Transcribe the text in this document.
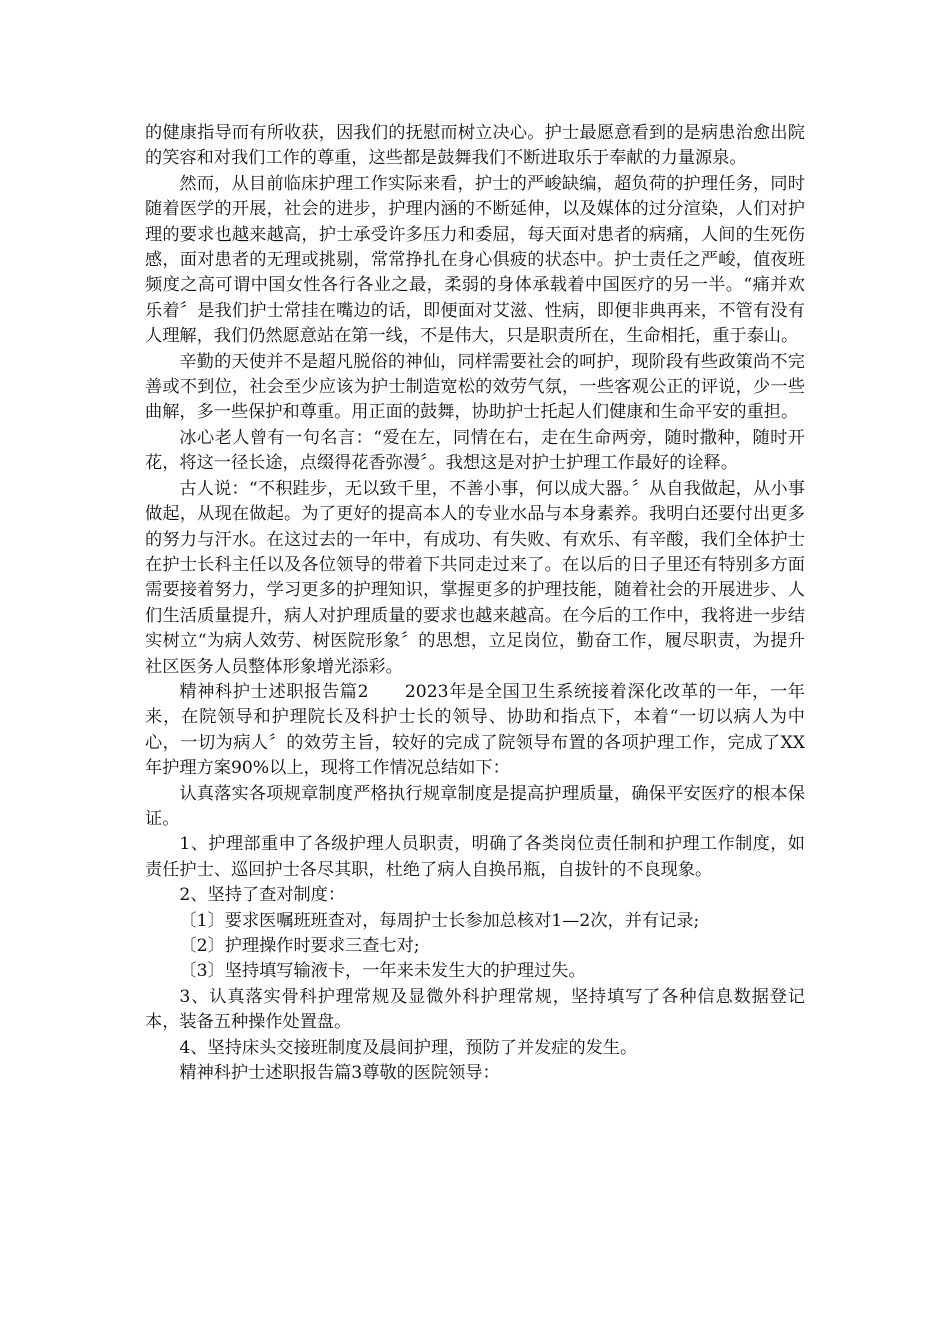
的健康指导而有所收获，因我们的抚慰而树立决心。护士最愿意看到的是病患治愈出院的笑容和对我们工作的尊重，这些都是鼓舞我们不断进取乐于奉献的力量源泉。

然而，从目前临床护理工作实际来看，护士的严峻缺编，超负荷的护理任务，同时随着医学的开展，社会的进步，护理内涵的不断延伸，以及媒体的过分渲染，人们对护理的要求也越来越高，护士承受许多压力和委屈，每天面对患者的病痛，人间的生死伤感，面对患者的无理或挑剔，常常挣扎在身心俱疲的状态中。护士责任之严峻，值夜班频度之高可谓中国女性各行各业之最，柔弱的身体承载着中国医疗的另一半。“痛并欢乐着〞是我们护士常挂在嘴边的话，即便面对艾滋、性病，即便非典再来，不管有没有人理解，我们仍然愿意站在第一线，不是伟大，只是职责所在，生命相托，重于泰山。

辛勤的天使并不是超凡脱俗的神仙，同样需要社会的呵护，现阶段有些政策尚不完善或不到位，社会至少应该为护士制造宽松的效劳气氛，一些客观公正的评说，少一些曲解，多一些保护和尊重。用正面的鼓舞，协助护士托起人们健康和生命平安的重担。

冰心老人曾有一句名言：“爱在左，同情在右，走在生命两旁，随时撒种，随时开花，将这一径长途，点缀得花香弥漫〞。我想这是对护士护理工作最好的诠释。

古人说：“不积跬步，无以致千里，不善小事，何以成大器。〞从自我做起，从小事做起，从现在做起。为了更好的提高本人的专业水品与本身素养。我明白还要付出更多的努力与汗水。在这过去的一年中，有成功、有失败、有欢乐、有辛酸，我们全体护士在护士长科主任以及各位领导的带着下共同走过来了。在以后的日子里还有特别多方面需要接着努力，学习更多的护理知识，掌握更多的护理技能，随着社会的开展进步、人们生活质量提升，病人对护理质量的要求也越来越高。在今后的工作中，我将进一步结实树立“为病人效劳、树医院形象〞的思想，立足岗位，勤奋工作，履尽职责，为提升社区医务人员整体形象增光添彩。

精神科护士述职报告篇2　　2023年是全国卫生系统接着深化改革的一年，一年来，在院领导和护理院长及科护士长的领导、协助和指点下，本着“一切以病人为中心，一切为病人〞的效劳主旨，较好的完成了院领导布置的各项护理工作，完成了XX年护理方案90%以上，现将工作情况总结如下：

认真落实各项规章制度严格执行规章制度是提高护理质量，确保平安医疗的根本保证。

1、护理部重申了各级护理人员职责，明确了各类岗位责任制和护理工作制度，如责任护士、巡回护士各尽其职，杜绝了病人自换吊瓶，自拔针的不良现象。

2、坚持了查对制度：

〔1〕要求医嘱班班查对，每周护士长参加总核对1—2次，并有记录;

〔2〕护理操作时要求三查七对;

〔3〕坚持填写输液卡，一年来未发生大的护理过失。

3、认真落实骨科护理常规及显微外科护理常规，坚持填写了各种信息数据登记本，装备五种操作处置盘。

4、坚持床头交接班制度及晨间护理，预防了并发症的发生。

精神科护士述职报告篇3尊敬的医院领导：
